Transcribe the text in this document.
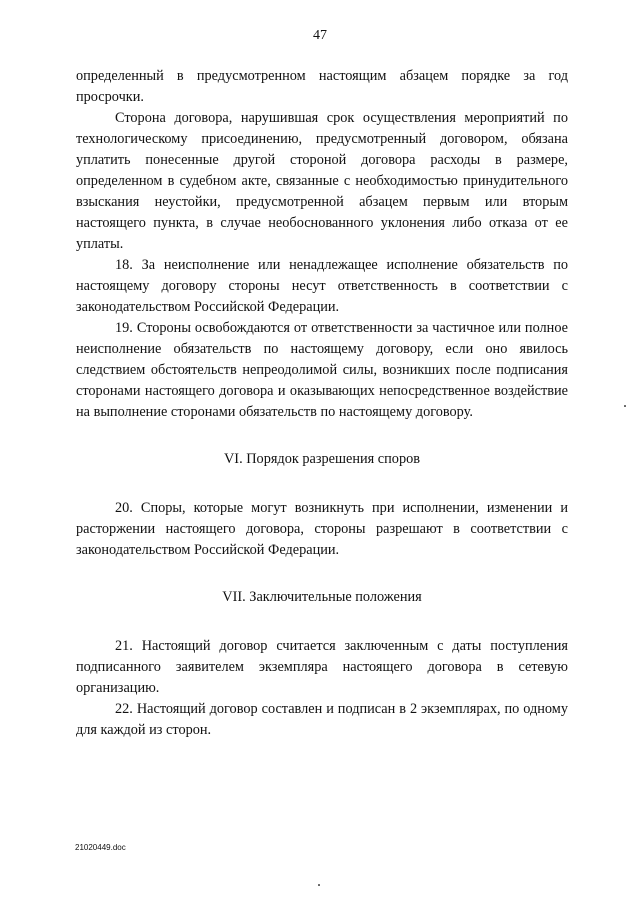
47

определенный в предусмотренном настоящим абзацем порядке за год просрочки.

Сторона договора, нарушившая срок осуществления мероприятий по технологическому присоединению, предусмотренный договором, обязана уплатить понесенные другой стороной договора расходы в размере, определенном в судебном акте, связанные с необходимостью принудительного взыскания неустойки, предусмотренной абзацем первым или вторым настоящего пункта, в случае необоснованного уклонения либо отказа от ее уплаты.

18. За неисполнение или ненадлежащее исполнение обязательств по настоящему договору стороны несут ответственность в соответствии с законодательством Российской Федерации.

19. Стороны освобождаются от ответственности за частичное или полное неисполнение обязательств по настоящему договору, если оно явилось следствием обстоятельств непреодолимой силы, возникших после подписания сторонами настоящего договора и оказывающих непосредственное воздействие на выполнение сторонами обязательств по настоящему договору.

VI. Порядок разрешения споров

20. Споры, которые могут возникнуть при исполнении, изменении и расторжении настоящего договора, стороны разрешают в соответствии с законодательством Российской Федерации.

VII. Заключительные положения

21. Настоящий договор считается заключенным с даты поступления подписанного заявителем экземпляра настоящего договора в сетевую организацию.

22. Настоящий договор составлен и подписан в 2 экземплярах, по одному для каждой из сторон.

21020449.doc
